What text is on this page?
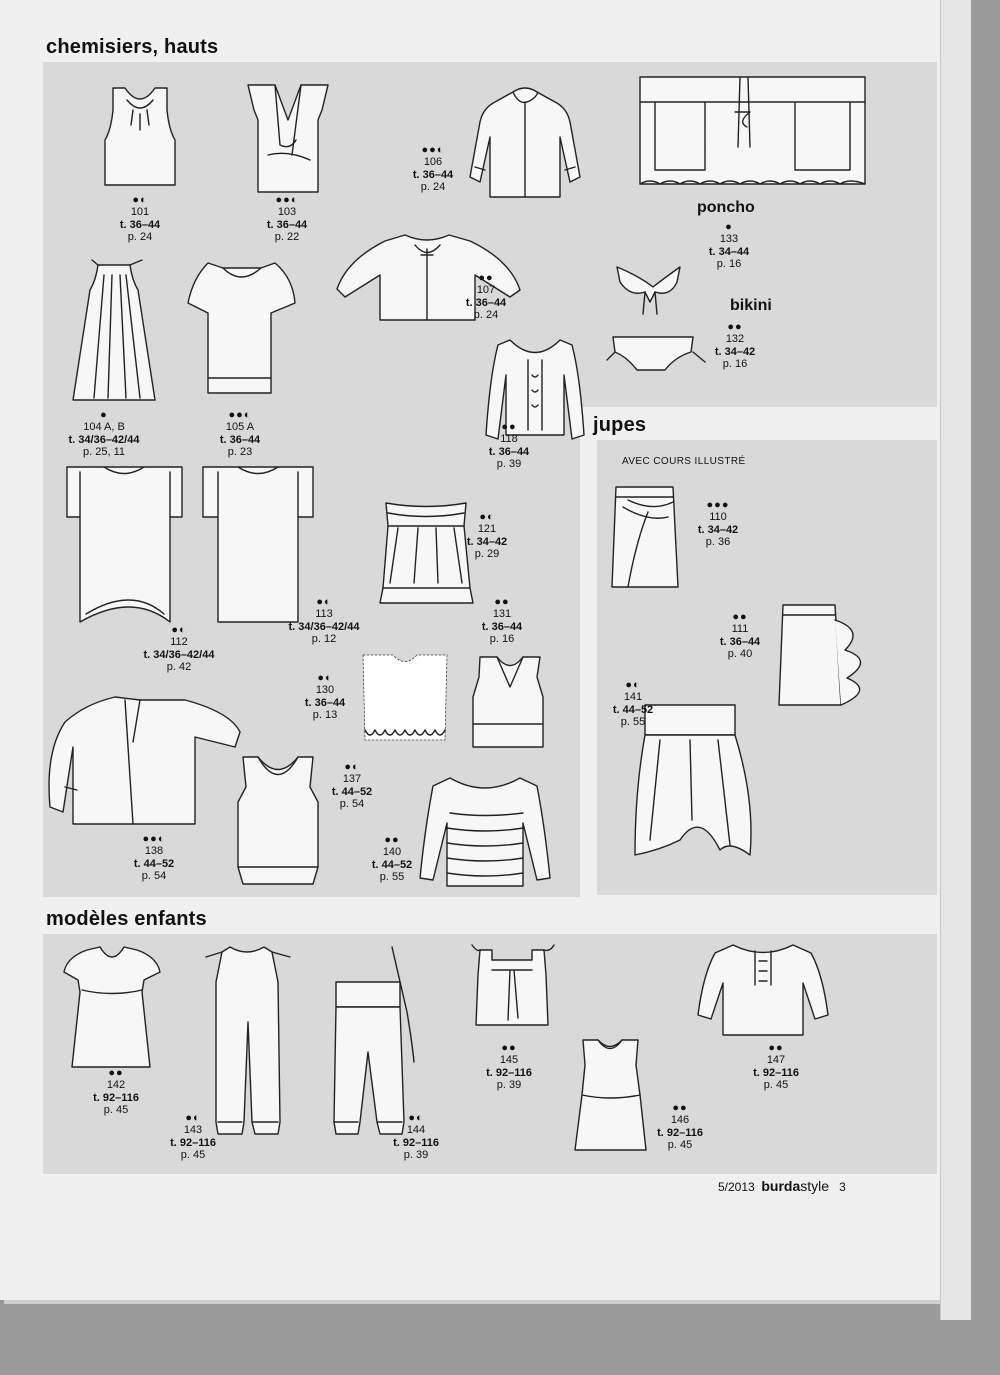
chemisiers, hauts
jupes
modèles enfants
poncho
bikini
AVEC COURS ILLUSTRÉ
●◐
101
t. 36–44
p. 24
●●◐
103
t. 36–44
p. 22
●●◐
106
t. 36–44
p. 24
●
133
t. 34–44
p. 16
●●
107
t. 36–44
p. 24
●●
132
t. 34–42
p. 16
●
104 A, B
t. 34/36–42/44
p. 25, 11
●●◐
105 A
t. 36–44
p. 23
●●
118
t. 36–44
p. 39
●◐
121
t. 34–42
p. 29
●●●
110
t. 34–42
p. 36
●●
131
t. 36–44
p. 16
●◐
113
t. 34/36–42/44
p. 12
●◐
112
t. 34/36–42/44
p. 42
●●
111
t. 36–44
p. 40
●◐
130
t. 36–44
p. 13
●◐
141
t. 44–52
p. 55
●◐
137
t. 44–52
p. 54
●●
140
t. 44–52
p. 55
●●◐
138
t. 44–52
p. 54
●●
142
t. 92–116
p. 45
●◐
143
t. 92–116
p. 45
●◐
144
t. 92–116
p. 39
●●
145
t. 92–116
p. 39
●●
146
t. 92–116
p. 45
●●
147
t. 92–116
p. 45
5/2013 burdastyle 3
